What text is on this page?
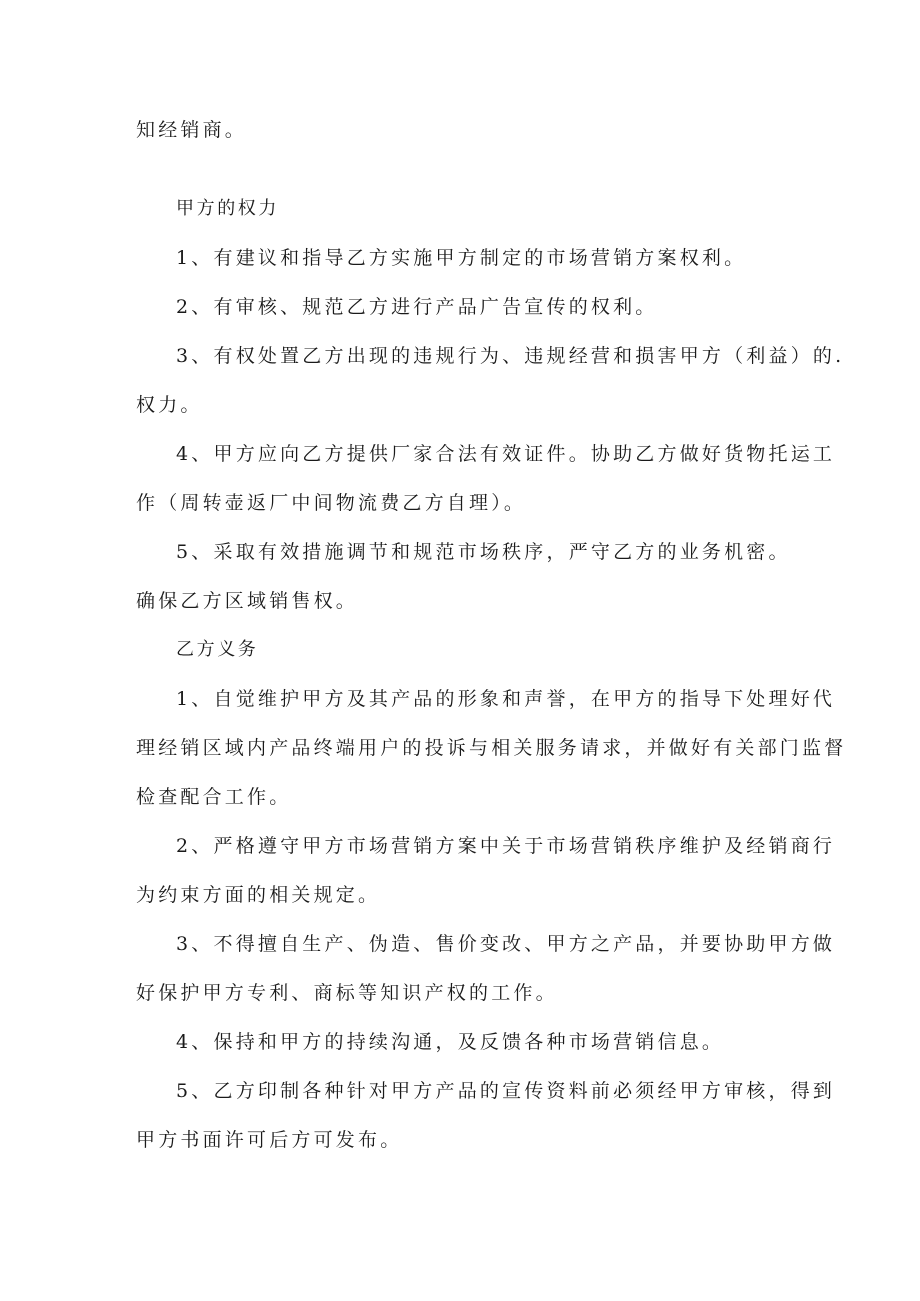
知经销商。
甲方的权力
1、有建议和指导乙方实施甲方制定的市场营销方案权利。
2、有审核、规范乙方进行产品广告宣传的权利。
3、有权处置乙方出现的违规行为、违规经营和损害甲方（利益）的.
权力。
4、甲方应向乙方提供厂家合法有效证件。协助乙方做好货物托运工
作（周转壶返厂中间物流费乙方自理）。
5、采取有效措施调节和规范市场秩序，严守乙方的业务机密。
确保乙方区域销售权。
乙方义务
1、自觉维护甲方及其产品的形象和声誉，在甲方的指导下处理好代
理经销区域内产品终端用户的投诉与相关服务请求，并做好有关部门监督
检查配合工作。
2、严格遵守甲方市场营销方案中关于市场营销秩序维护及经销商行
为约束方面的相关规定。
3、不得擅自生产、伪造、售价变改、甲方之产品，并要协助甲方做
好保护甲方专利、商标等知识产权的工作。
4、保持和甲方的持续沟通，及反馈各种市场营销信息。
5、乙方印制各种针对甲方产品的宣传资料前必须经甲方审核，得到
甲方书面许可后方可发布。
